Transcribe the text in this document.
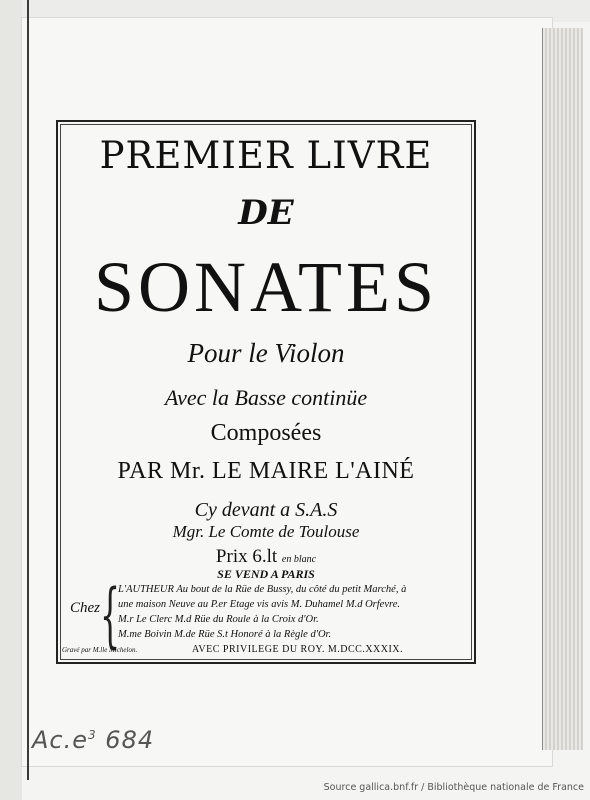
PREMIER LIVRE
DE
SONATES
Pour le Violon
Avec la Basse continüe
Composées
PAR Mr. LE MAIRE L'AINÉ
Cy devant a S.A.S
Mgr. Le Comte de Toulouse
Prix 6.lt en blanc
SE VEND A PARIS
Chez {
L'AUTHEUR Au bout de la Rüe de Bussy, du côté du petit Marché, à
une maison Neuve au P.er Etage vis avis M. Duhamel M.d Orfevre.
M.r Le Clerc M.d Rüe du Roule à la Croix d'Or.
M.me Boivin M.de Rüe S.t Honoré à la Règle d'Or.
Gravé par M.lle Michelon.	AVEC PRIVILEGE DU ROY. M.DCC.XXXIX.
$Ac.e^3$ 684
Source gallica.bnf.fr / Bibliothèque nationale de France
